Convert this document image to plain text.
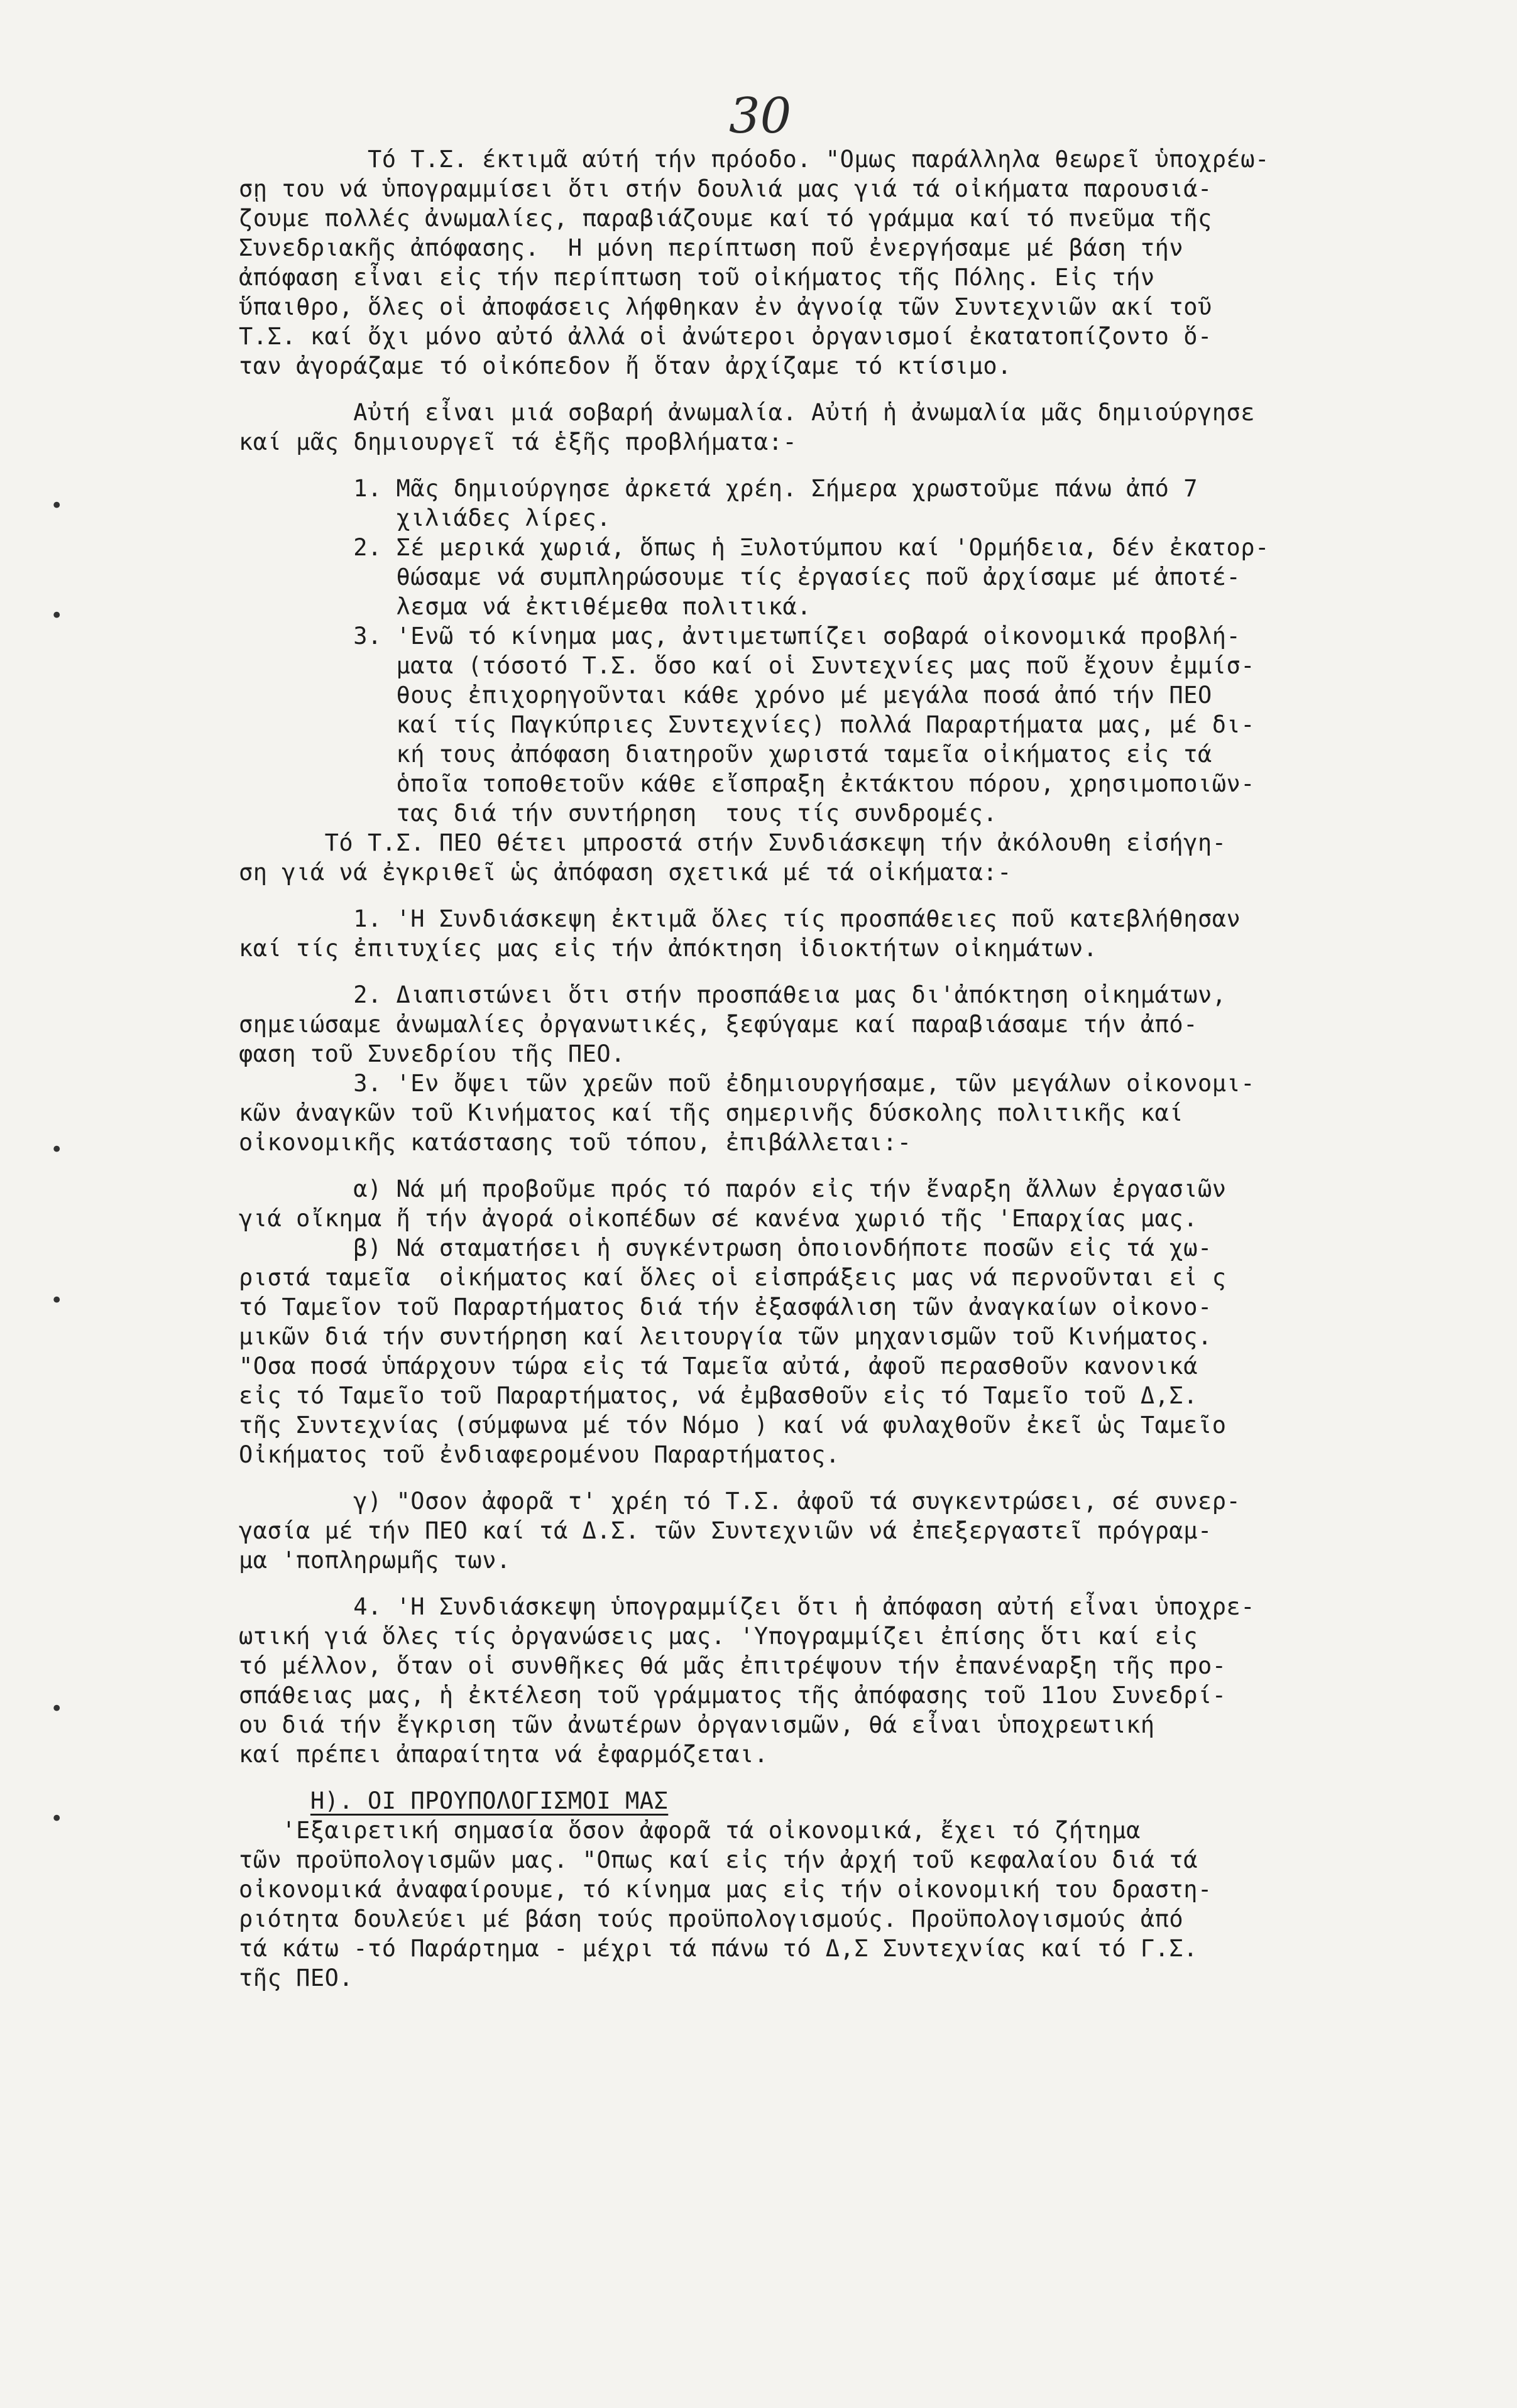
30
•
•
•
•
•
•
Τό Τ.Σ. έκτιμᾶ αύτή τήν πρόοδο. "Ομως παράλληλα θεωρεῖ ὑποχρέω-
σῃ του νά ὑπογραμμίσει ὅτι στήν δουλιά μας γιά τά οἰκήματα παρουσιά-
ζουμε πολλές ἀνωμαλίες, παραβιάζουμε καί τό γράμμα καί τό πνεῦμα τῆς
Συνεδριακῆς ἀπόφασης.  Η μόνη περίπτωση ποῦ ἐνεργήσαμε μέ βάση τήν
ἀπόφαση εἶναι εἰς τήν περίπτωση τοῦ οἰκήματος τῆς Πόλης. Εἰς τήν
ὕπαιθρο, ὅλες οἱ ἀποφάσεις λήφθηκαν ἐν ἀγνοίᾳ τῶν Συντεχνιῶν ακί τοῦ
Τ.Σ. καί ὄχι μόνο αὐτό ἀλλά οἱ ἀνώτεροι ὀργανισμοί ἐκατατοπίζοντο ὅ-
ταν ἀγοράζαμε τό οἰκόπεδον ἤ ὅταν ἀρχίζαμε τό κτίσιμο.
Αὐτή εἶναι μιά σοβαρή ἀνωμαλία. Αὐτή ἡ ἀνωμαλία μᾶς δημιούργησε
καί μᾶς δημιουργεῖ τά ἑξῆς προβλήματα:-
1. Μᾶς δημιούργησε ἀρκετά χρέη. Σήμερα χρωστοῦμε πάνω ἀπό 7
χιλιάδες λίρες.
2. Σέ μερικά χωριά, ὅπως ἡ Ξυλοτύμπου καί 'Ορμήδεια, δέν ἐκατορ-
θώσαμε νά συμπληρώσουμε τίς ἐργασίες ποῦ ἀρχίσαμε μέ ἀποτέ-
λεσμα νά ἐκτιθέμεθα πολιτικά.
3. 'Ενῶ τό κίνημα μας, ἀντιμετωπίζει σοβαρά οἰκονομικά προβλή-
ματα (τόσοτό Τ.Σ. ὅσο καί οἱ Συντεχνίες μας ποῦ ἔχουν ἐμμίσ-
θους ἐπιχορηγοῦνται κάθε χρόνο μέ μεγάλα ποσά ἀπό τήν ΠΕΟ
καί τίς Παγκύπριες Συντεχνίες) πολλά Παραρτήματα μας, μέ δι-
κή τους ἀπόφαση διατηροῦν χωριστά ταμεῖα οἰκήματος εἰς τά
ὁποῖα τοποθετοῦν κάθε εἴσπραξη ἐκτάκτου πόρου, χρησιμοποιῶν-
τας διά τήν συντήρηση  τους τίς συνδρομές.
Τό Τ.Σ. ΠΕΟ θέτει μπροστά στήν Συνδιάσκεψη τήν ἀκόλουθη εἰσήγη-
ση γιά νά ἐγκριθεῖ ὡς ἀπόφαση σχετικά μέ τά οἰκήματα:-
1. 'Η Συνδιάσκεψη ἐκτιμᾶ ὅλες τίς προσπάθειες ποῦ κατεβλήθησαν
καί τίς ἐπιτυχίες μας εἰς τήν ἀπόκτηση ἰδιοκτήτων οἰκημάτων.
2. Διαπιστώνει ὅτι στήν προσπάθεια μας δι'ἀπόκτηση οἰκημάτων,
σημειώσαμε ἀνωμαλίες ὀργανωτικές, ξεφύγαμε καί παραβιάσαμε τήν ἀπό-
φαση τοῦ Συνεδρίου τῆς ΠΕΟ.
3. 'Εν ὄψει τῶν χρεῶν ποῦ ἐδημιουργήσαμε, τῶν μεγάλων οἰκονομι-
κῶν ἀναγκῶν τοῦ Κινήματος καί τῆς σημερινῆς δύσκολης πολιτικῆς καί
οἰκονομικῆς κατάστασης τοῦ τόπου, ἐπιβάλλεται:-
α) Νά μή προβοῦμε πρός τό παρόν εἰς τήν ἔναρξη ἄλλων ἐργασιῶν
γιά οἴκημα ἤ τήν ἀγορά οἰκοπέδων σέ κανένα χωριό τῆς 'Επαρχίας μας.
β) Νά σταματήσει ἡ συγκέντρωση ὁποιονδήποτε ποσῶν εἰς τά χω-
ριστά ταμεῖα  οἰκήματος καί ὅλες οἱ εἰσπράξεις μας νά περνοῦνται εἰ ς
τό Ταμεῖον τοῦ Παραρτήματος διά τήν ἐξασφάλιση τῶν ἀναγκαίων οἰκονο-
μικῶν διά τήν συντήρηση καί λειτουργία τῶν μηχανισμῶν τοῦ Κινήματος.
"Οσα ποσά ὑπάρχουν τώρα εἰς τά Ταμεῖα αὐτά, ἀφοῦ περασθοῦν κανονικά
εἰς τό Ταμεῖο τοῦ Παραρτήματος, νά ἐμβασθοῦν εἰς τό Ταμεῖο τοῦ Δ,Σ.
τῆς Συντεχνίας (σύμφωνα μέ τόν Νόμο ) καί νά φυλαχθοῦν ἐκεῖ ὡς Ταμεῖο
Οἰκήματος τοῦ ἐνδιαφερομένου Παραρτήματος.
γ) "Οσον ἀφορᾶ τ' χρέη τό Τ.Σ. ἀφοῦ τά συγκεντρώσει, σέ συνερ-
γασία μέ τήν ΠΕΟ καί τά Δ.Σ. τῶν Συντεχνιῶν νά ἐπεξεργαστεῖ πρόγραμ-
μα 'ποπληρωμῆς των.
4. 'Η Συνδιάσκεψη ὑπογραμμίζει ὅτι ἡ ἀπόφαση αὐτή εἶναι ὑποχρε-
ωτική γιά ὅλες τίς ὀργανώσεις μας. 'Υπογραμμίζει ἐπίσης ὅτι καί εἰς
τό μέλλον, ὅταν οἱ συνθῆκες θά μᾶς ἐπιτρέψουν τήν ἐπανέναρξη τῆς προ-
σπάθειας μας, ἡ ἐκτέλεση τοῦ γράμματος τῆς ἀπόφασης τοῦ 11ου Συνεδρί-
ου διά τήν ἔγκριση τῶν ἀνωτέρων ὀργανισμῶν, θά εἶναι ὑποχρεωτική
καί πρέπει ἀπαραίτητα νά ἐφαρμόζεται.
Η). ΟΙ ΠΡΟΥΠΟΛΟΓΙΣΜΟΙ ΜΑΣ
'Εξαιρετική σημασία ὅσον ἀφορᾶ τά οἰκονομικά, ἔχει τό ζήτημα
τῶν προϋπολογισμῶν μας. "Οπως καί εἰς τήν ἀρχή τοῦ κεφαλαίου διά τά
οἰκονομικά ἀναφαίρουμε, τό κίνημα μας εἰς τήν οἰκονομική του δραστη-
ριότητα δουλεύει μέ βάση τούς προϋπολογισμούς. Προϋπολογισμούς ἀπό
τά κάτω -τό Παράρτημα - μέχρι τά πάνω τό Δ,Σ Συντεχνίας καί τό Γ.Σ.
τῆς ΠΕΟ.
